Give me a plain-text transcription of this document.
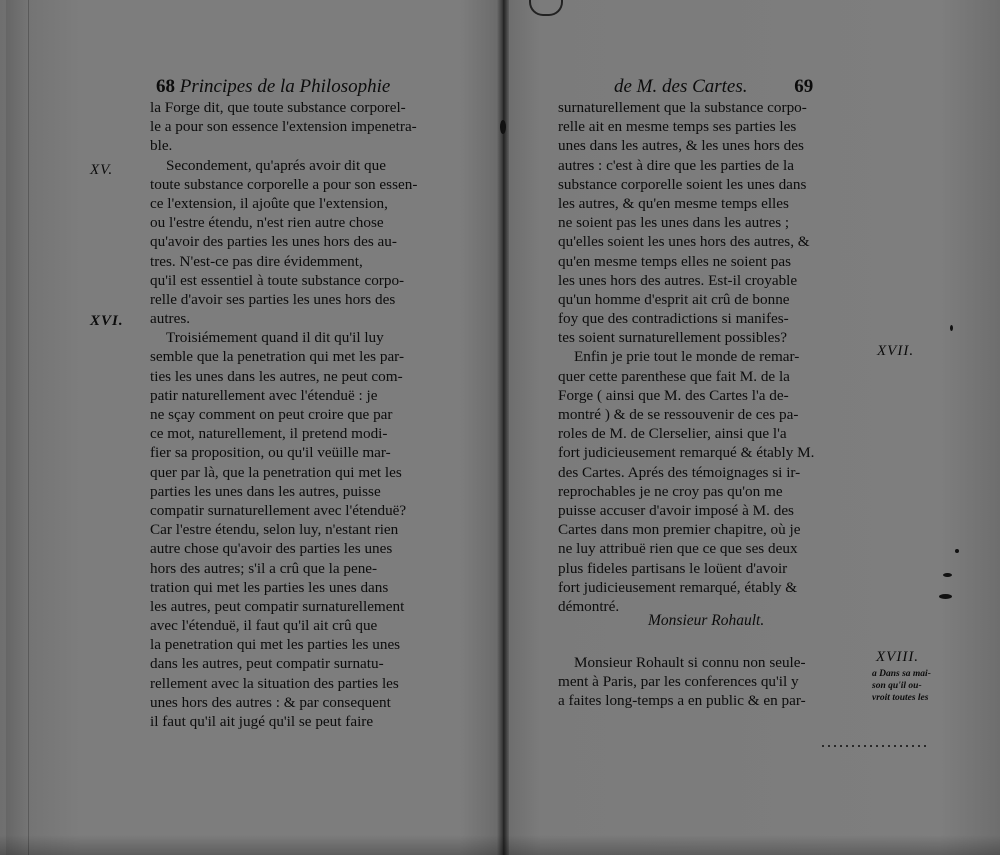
68 Principes de la Philosophie
XV.
XVI.
la Forge dit, que toute substance corporel-
le a pour son essence l'extension impenetra-
ble.
Secondement, qu'aprés avoir dit que
toute substance corporelle a pour son essen-
ce l'extension, il ajoûte que l'extension,
ou l'estre étendu, n'est rien autre chose
qu'avoir des parties les unes hors des au-
tres. N'est-ce pas dire évidemment,
qu'il est essentiel à toute substance corpo-
relle d'avoir ses parties les unes hors des
autres.
Troisiémement quand il dit qu'il luy
semble que la penetration qui met les par-
ties les unes dans les autres, ne peut com-
patir naturellement avec l'étenduë : je
ne sçay comment on peut croire que par
ce mot, naturellement, il pretend modi-
fier sa proposition, ou qu'il veüille mar-
quer par là, que la penetration qui met les
parties les unes dans les autres, puisse
compatir surnaturellement avec l'étenduë?
Car l'estre étendu, selon luy, n'estant rien
autre chose qu'avoir des parties les unes
hors des autres; s'il a crû que la pene-
tration qui met les parties les unes dans
les autres, peut compatir surnaturellement
avec l'étenduë, il faut qu'il ait crû que
la penetration qui met les parties les unes
dans les autres, peut compatir surnatu-
rellement avec la situation des parties les
unes hors des autres : & par consequent
il faut qu'il ait jugé qu'il se peut faire
de M. des Cartes. 69
surnaturellement que la substance corpo-
relle ait en mesme temps ses parties les
unes dans les autres, & les unes hors des
autres : c'est à dire que les parties de la
substance corporelle soient les unes dans
les autres, & qu'en mesme temps elles
ne soient pas les unes dans les autres ;
qu'elles soient les unes hors des autres, &
qu'en mesme temps elles ne soient pas
les unes hors des autres. Est-il croyable
qu'un homme d'esprit ait crû de bonne
foy que des contradictions si manifes-
tes soient surnaturellement possibles?
Enfin je prie tout le monde de remar-
quer cette parenthese que fait M. de la
Forge ( ainsi que M. des Cartes l'a de-
montré ) & de se ressouvenir de ces pa-
roles de M. de Clerselier, ainsi que l'a
fort judicieusement remarqué & étably M.
des Cartes. Aprés des témoignages si ir-
reprochables je ne croy pas qu'on me
puisse accuser d'avoir imposé à M. des
Cartes dans mon premier chapitre, où je
ne luy attribuë rien que ce que ses deux
plus fideles partisans le loüent d'avoir
fort judicieusement remarqué, étably &
démontré.
Monsieur Rohault.
Monsieur Rohault si connu non seule-
ment à Paris, par les conferences qu'il y
a faites long-temps a en public & en par-
XVII.
XVIII.
a Dans sa mai-
son qu'il ou-
vroit toutes les
